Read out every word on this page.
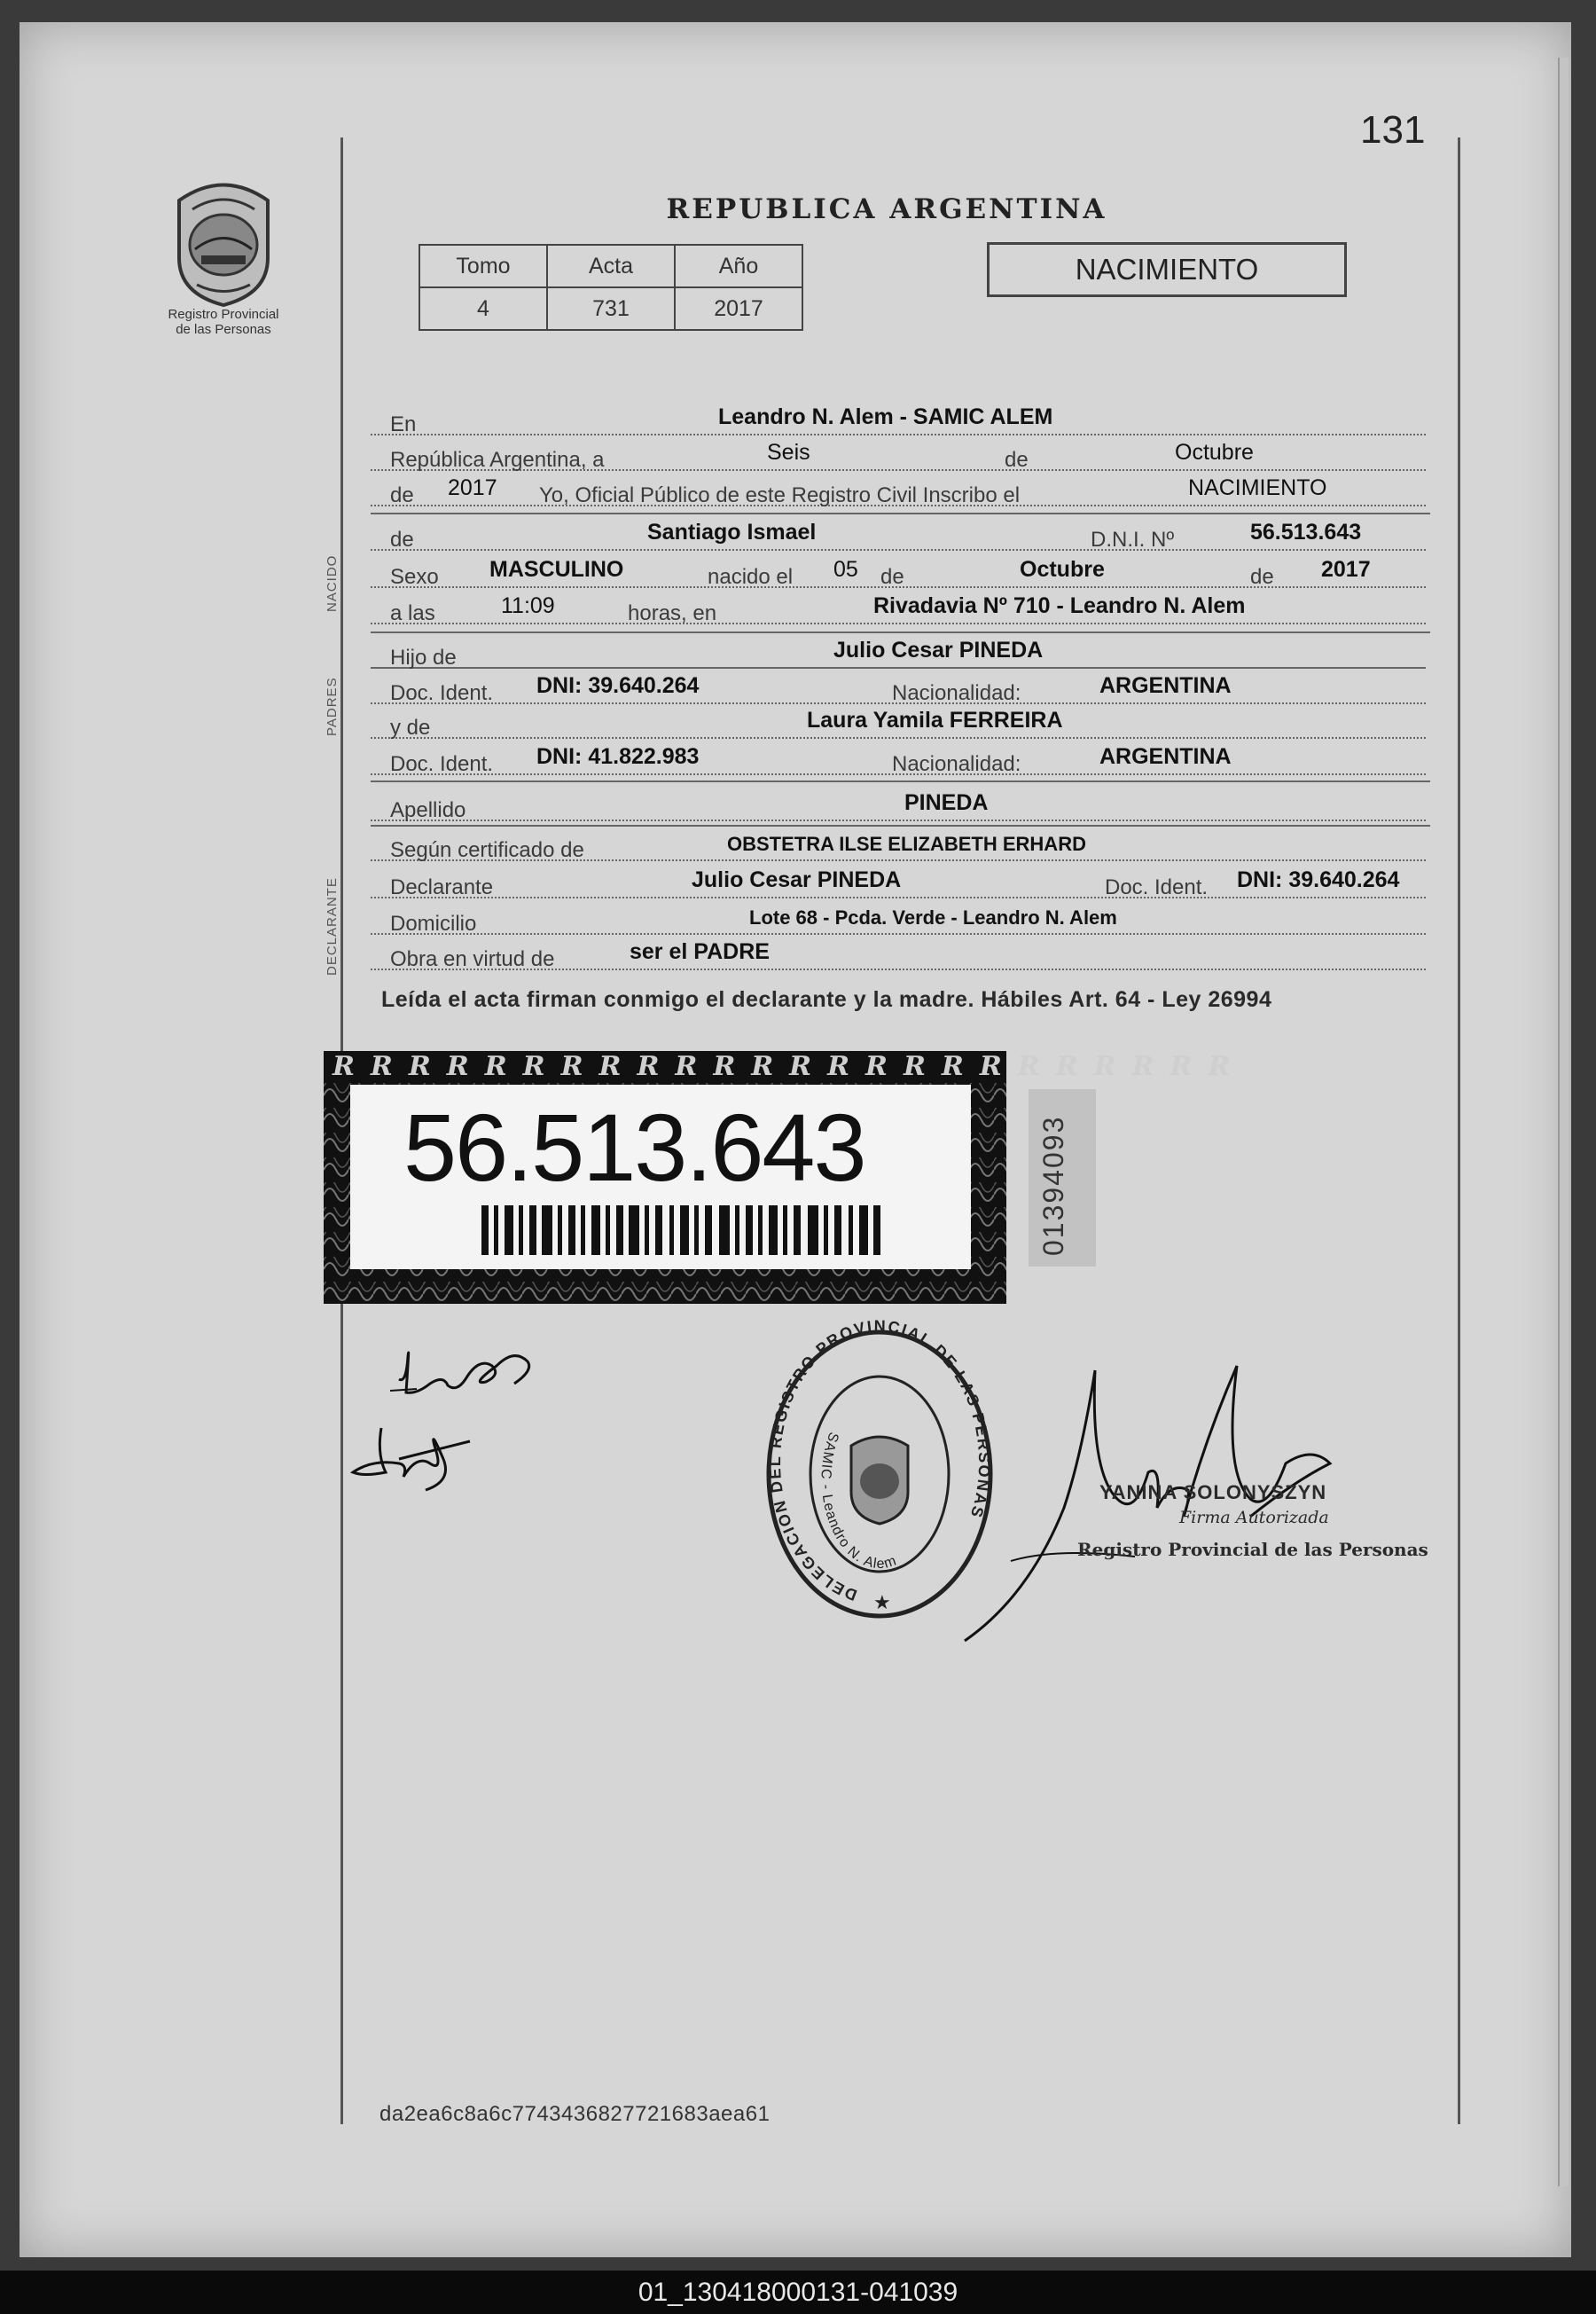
131
Registro Provincial
de las Personas
REPUBLICA ARGENTINA
Tomo	Acta	Año
4	731	2017
NACIMIENTO
En	Leandro N. Alem - SAMIC ALEM
República Argentina, a	Seis	de	Octubre
de 2017 Yo, Oficial Público de este Registro Civil Inscribo el	NACIMIENTO
NACIDO
de	Santiago Ismael	D.N.I. Nº	56.513.643
Sexo MASCULINO	nacido el 05 de	Octubre	de 2017
a las	11:09	horas, en	Rivadavia Nº 710 - Leandro N. Alem
PADRES
Hijo de	Julio Cesar PINEDA
Doc. Ident. DNI: 39.640.264	Nacionalidad:	ARGENTINA
y de	Laura Yamila FERREIRA
Doc. Ident. DNI: 41.822.983	Nacionalidad:	ARGENTINA
Apellido	PINEDA
DECLARANTE
Según certificado de	OBSTETRA ILSE ELIZABETH ERHARD
Declarante	Julio Cesar PINEDA	Doc. Ident. DNI: 39.640.264
Domicilio	Lote 68 - Pcda. Verde - Leandro N. Alem
Obra en virtud de	ser el PADRE
Leída el acta firman conmigo el declarante y la madre. Hábiles Art. 64 - Ley 26994
RRRRRRRRRRRRRRRRRRRRRRRR
56.513.643	01394093
DELEGACION DEL REGISTRO PROVINCIAL DE LAS PERSONAS
SAMIC - Leandro N. Alem
★
YANINA SOLONYSZYN
Firma Autorizada
Registro Provincial de las Personas
da2ea6c8a6c7743436827721683aea61
01_130418000131-041039
